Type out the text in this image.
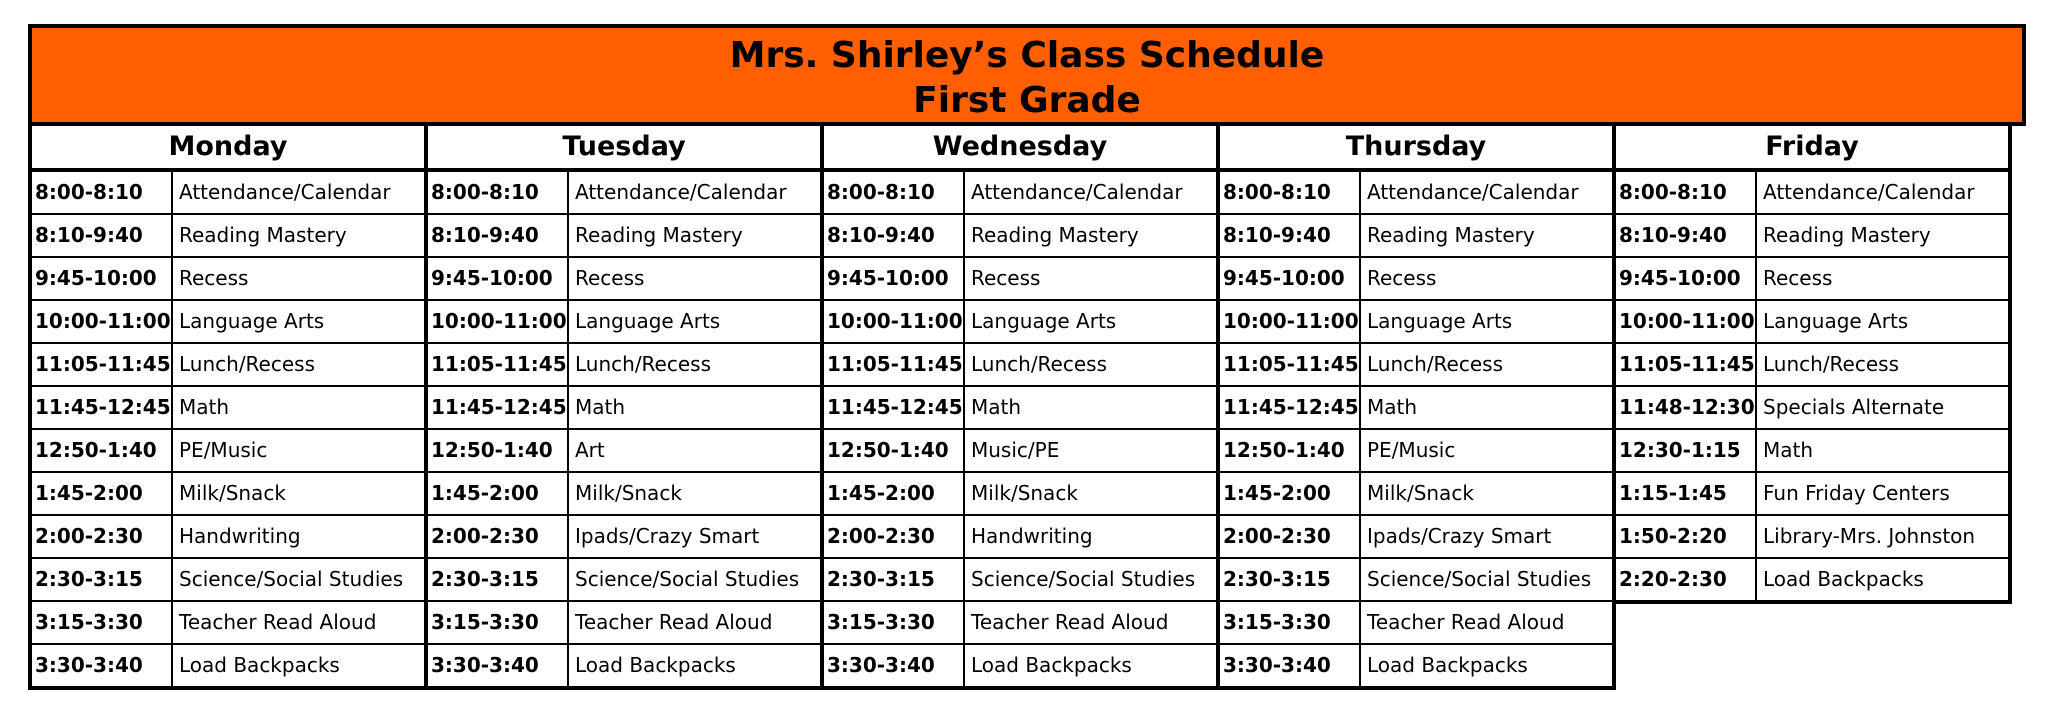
Mrs. Shirley’s Class Schedule
First Grade
Monday
8:00-8:10	Attendance/Calendar
8:10-9:40	Reading Mastery
9:45-10:00	Recess
10:00-11:00 Language Arts
11:05-11:45 Lunch/Recess
11:45-12:45 Math
12:50-1:40	PE/Music
1:45-2:00	Milk/Snack
2:00-2:30	Handwriting
2:30-3:15	Science/Social Studies
3:15-3:30	Teacher Read Aloud
3:30-3:40	Load Backpacks
Tuesday
8:00-8:10	Attendance/Calendar
8:10-9:40	Reading Mastery
9:45-10:00	Recess
10:00-11:00 Language Arts
11:05-11:45 Lunch/Recess
11:45-12:45 Math
12:50-1:40	Art
1:45-2:00	Milk/Snack
2:00-2:30	Ipads/Crazy Smart
2:30-3:15	Science/Social Studies
3:15-3:30	Teacher Read Aloud
3:30-3:40	Load Backpacks
Wednesday
8:00-8:10	Attendance/Calendar
8:10-9:40	Reading Mastery
9:45-10:00	Recess
10:00-11:00 Language Arts
11:05-11:45 Lunch/Recess
11:45-12:45 Math
12:50-1:40	Music/PE
1:45-2:00	Milk/Snack
2:00-2:30	Handwriting
2:30-3:15	Science/Social Studies
3:15-3:30	Teacher Read Aloud
3:30-3:40	Load Backpacks
Thursday
8:00-8:10	Attendance/Calendar
8:10-9:40	Reading Mastery
9:45-10:00	Recess
10:00-11:00 Language Arts
11:05-11:45 Lunch/Recess
11:45-12:45 Math
12:50-1:40	PE/Music
1:45-2:00	Milk/Snack
2:00-2:30	Ipads/Crazy Smart
2:30-3:15	Science/Social Studies
3:15-3:30	Teacher Read Aloud
3:30-3:40	Load Backpacks
Friday
8:00-8:10	Attendance/Calendar
8:10-9:40	Reading Mastery
9:45-10:00	Recess
10:00-11:00 Language Arts
11:05-11:45 Lunch/Recess
11:48-12:30 Specials Alternate
12:30-1:15	Math
1:15-1:45	Fun Friday Centers
1:50-2:20	Library-Mrs. Johnston
2:20-2:30	Load Backpacks
